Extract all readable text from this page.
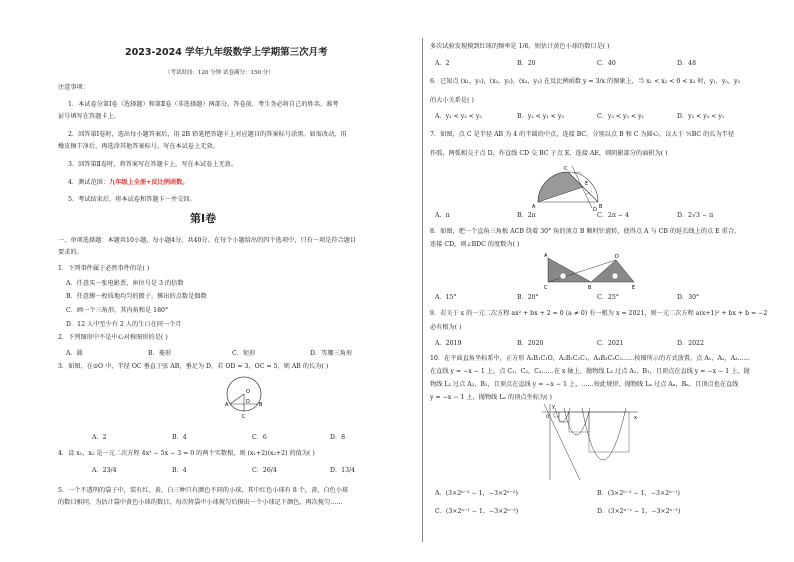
2023-2024 学年九年级数学上学期第三次月考
（考试时间：120 分钟 试卷满分：150 分）
注意事项：
1．本试卷分第Ⅰ卷（选择题）和第Ⅱ卷（非选择题）两部分。答卷前，考生务必将自己的姓名、准考
证号填写在答题卡上。
2．回答第Ⅰ卷时，选出每小题答案后，用 2B 铅笔把答题卡上对应题目的答案标号涂黑。如需改动，用
橡皮擦干净后，再选涂其他答案标号。写在本试卷上无效。
3．回答第Ⅱ卷时，将答案写在答题卡上。写在本试卷上无效。
4．测试范围：九年级上全册+反比例函数。
5．考试结束后，将本试卷和答题卡一并交回。
第Ⅰ卷
一、单项选择题：本题共10小题，每小题4分，共40分。在每个小题给出的四个选项中，只有一项是符合题目
要求的。
1．下列事件属于必然事件的是( )
A．任意买一张电影票，座位号是 3 的倍数
B．任意掷一枚质地均匀的骰子，掷出的点数是偶数
C．画一个三角形，其内角和是 180°
D．12 人中至少有 2 人的生日在同一个月
2．下列图形中不是中心对称图形的是( )
A．圆	B．菱形	C．矩形	D．等腰三角形
3．如图，在⊙O 中，半径 OC 垂直于弦 AB，垂足为 D，若 OD = 3，OC = 5，则 AB 的长为( )
O
A	B
C
D
A．2	B．4	C．6	D．8
4．设 x₁，x₂ 是一元二次方程 4x² − 5x − 3 = 0 的两个实数根，则 (x₁+2)(x₂+2) 的值为( )
A．23/4	B．4	C．26/4	D．13/4
5．一个不透明的袋子中，装有红、黄、白三种只有颜色不同的小球，其中红色小球有 8 个，黄、白色小球
的数目相同，为估计袋中黄色小球的数目，每次将袋中小球搅匀后摸出一个小球记下颜色，再次搅匀……
多次试验发现摸到红球的频率是 1/6，则估计黄色小球的数目是( )
A．2	B．20	C．40	D．48
6．已知点 (x₁，y₁)，(x₂，y₂)，(x₃，y₃) 在反比例函数 y = 3/x 的图象上，当 x₁ < x₂ < 0 < x₃ 时，y₁，y₂，y₃
的大小关系是( )
A．y₁ < y₃ < y₂	B．y₂ < y₁ < y₃	C．y₃ < y₂ < y₁	D．y₂ < y₃ < y₁
7．如图，点 C 是半径 AB 为 4 的半圆的中点，连接 BC，分别以点 B 和 C 为圆心，以大于 ½BC 的长为半径
作弧，两弧相交于点 D，作直线 CD 交 BC 于点 E，连接 AE，则阴影部分的面积为( )
A	B
C
D
E
A．π	B．2π	C．2π − 4	D．2√3 − π
8．如图，把一个直角三角板 ACB 绕着 30° 角的顶点 B 顺时针旋转，使得点 A 与 CB 的延长线上的点 E 重合，
连接 CD，则∠BDC 的度数为( )
A
B
C
D
E
A．15°	B．20°	C．25°	D．30°
9．若关于 x 的一元二次方程 ax² + bx + 2 = 0 (a ≠ 0) 有一根为 x = 2021，则一元二次方程 a(x+1)² + bx + b = −2
必有根为( )
A．2019	B．2020	C．2021	D．2022
10．在平面直角坐标系中，正方形 A₁B₁C₁O，A₂B₂C₂C₁，A₃B₃C₃C₂……按图所示的方式放置，点 A₁，A₂，A₃……
在直线 y = −x − 1 上，点 C₁，C₂，C₃……在 x 轴上，抛物线 L₁ 过点 A₁，B₁，且顶点在直线 y = −x − 1 上，抛
物线 L₂ 过点 A₂，B₂，且顶点在直线 y = −x − 1 上，……按此规律，抛物线 Lₙ 过点 Aₙ，Bₙ，且顶点也在直线
y = −x − 1 上，抛物线 Lₙ 的顶点坐标为( )
x
y
O
A．(3×2ⁿ⁻² − 1，−3×2ⁿ⁻²)	B．(3×2ⁿ⁻² − 1，−3×2ⁿ⁻¹)
C．(3×2ⁿ⁻¹ − 1，−3×2ⁿ⁻²)	D．(3×2ⁿ⁻¹ − 1，−3×2ⁿ⁻¹)
